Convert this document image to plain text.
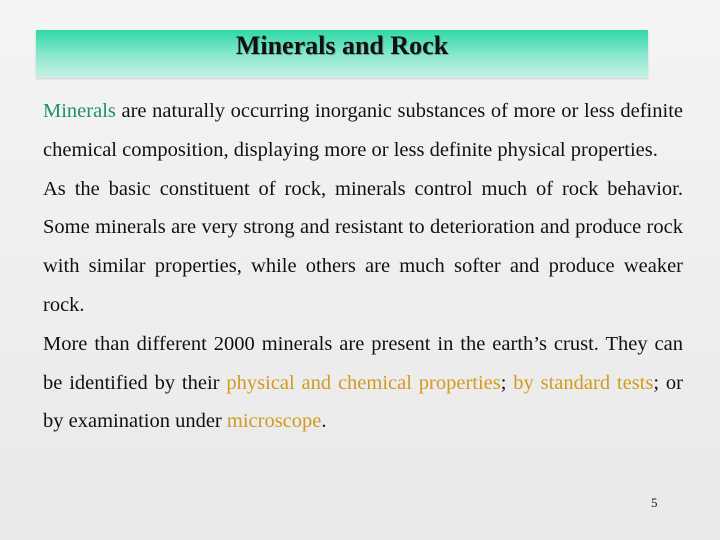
Minerals and Rock

Minerals are naturally occurring inorganic substances of more or less definite chemical composition, displaying more or less definite physical properties.

As the basic constituent of rock, minerals control much of rock behavior. Some minerals are very strong and resistant to deterioration and produce rock with similar properties, while others are much softer and produce weaker rock.

More than different 2000 minerals are present in the earth’s crust. They can be identified by their physical and chemical properties; by standard tests; or by examination under microscope.

5
